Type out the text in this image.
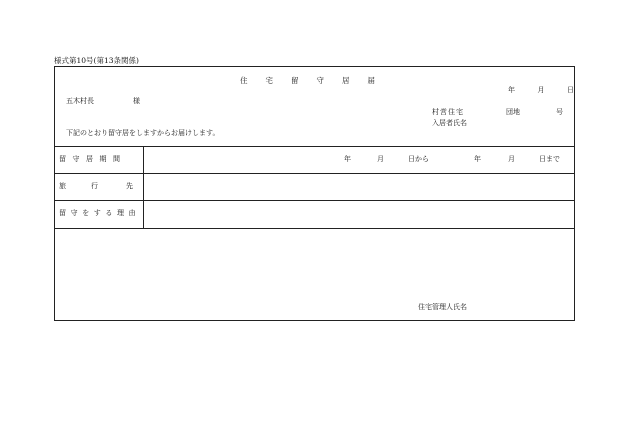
様式第10号(第13条関係)
住宅留守居届
年	月	日
五木村長	様
村営住宅	団地	号
入居者氏名
下記のとおり留守居をしますからお届けします。
留守居期間	年	月	日から	年	月	日まで
旅	行	先
留守をする理由
住宅管理人氏名
